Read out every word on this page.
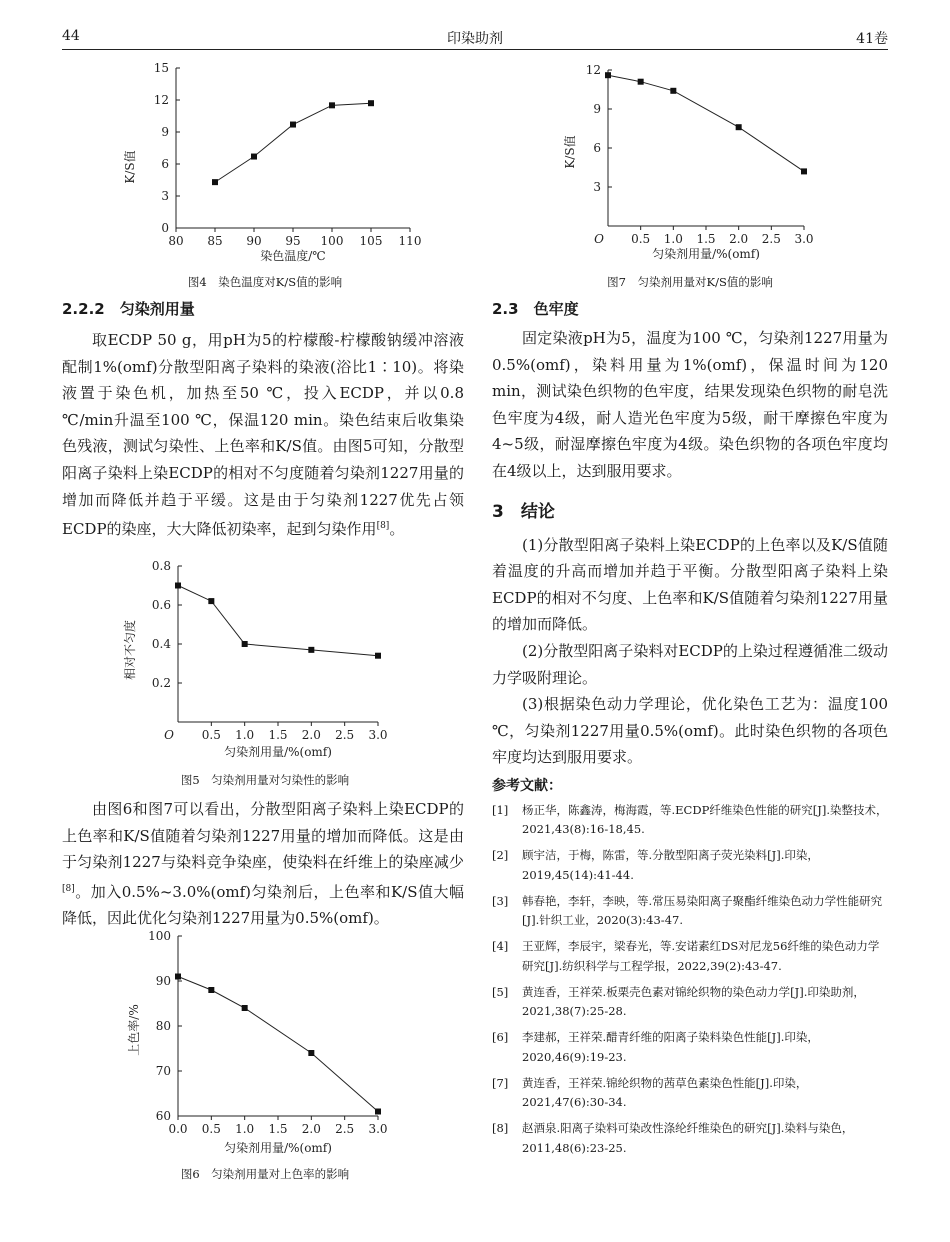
44	印染助剂	41卷
80 85 90 95 100 105 110
0
3
6
9
12
15
染色温度/℃
K/S值
图4　染色温度对K/S值的影响
0.5 1.0 1.5 2.0 2.5 3.0
0.2
0.4
0.6
0.8
O
匀染剂用量/%(omf)
相对不匀度
图5　匀染剂用量对匀染性的影响
0.0 0.5 1.0 1.5 2.0 2.5 3.0
60
70
80
90
100
匀染剂用量/%(omf)
上色率/%
图6　匀染剂用量对上色率的影响
0.5 1.0 1.5 2.0 2.5 3.0
3
6
9
12
O
匀染剂用量/%(omf)
K/S值
图7　匀染剂用量对K/S值的影响
2.2.2　匀染剂用量

取ECDP 50 g，用pH为5的柠檬酸-柠檬酸钠缓冲溶液配制1%(omf)分散型阳离子染料的染液(浴比1∶10)。将染液置于染色机，加热至50 ℃，投入ECDP，并以0.8 ℃/min升温至100 ℃，保温120 min。染色结束后收集染色残液，测试匀染性、上色率和K/S值。由图5可知，分散型阳离子染料上染ECDP的相对不匀度随着匀染剂1227用量的增加而降低并趋于平缓。这是由于匀染剂1227优先占领ECDP的染座，大大降低初染率，起到匀染作用[8]。

由图6和图7可以看出，分散型阳离子染料上染ECDP的上色率和K/S值随着匀染剂1227用量的增加而降低。这是由于匀染剂1227与染料竞争染座，使染料在纤维上的染座减少[8]。加入0.5%~3.0%(omf)匀染剂后，上色率和K/S值大幅降低，因此优化匀染剂1227用量为0.5%(omf)。

2.3　色牢度

固定染液pH为5，温度为100 ℃，匀染剂1227用量为0.5%(omf)，染料用量为1%(omf)，保温时间为120 min，测试染色织物的色牢度，结果发现染色织物的耐皂洗色牢度为4级，耐人造光色牢度为5级，耐干摩擦色牢度为4~5级，耐湿摩擦色牢度为4级。染色织物的各项色牢度均在4级以上，达到服用要求。

3　结论

(1)分散型阳离子染料上染ECDP的上色率以及K/S值随着温度的升高而增加并趋于平衡。分散型阳离子染料上染ECDP的相对不匀度、上色率和K/S值随着匀染剂1227用量的增加而降低。

(2)分散型阳离子染料对ECDP的上染过程遵循准二级动力学吸附理论。

(3)根据染色动力学理论，优化染色工艺为：温度100 ℃，匀染剂1227用量0.5%(omf)。此时染色织物的各项色牢度均达到服用要求。

参考文献：
[1] 杨正华，陈鑫涛，梅海霞，等.ECDP纤维染色性能的研究[J].染整技术，2021,43(8):16-18,45.
[2] 顾宇洁，于梅，陈雷，等.分散型阳离子荧光染料[J].印染，2019,45(14):41-44.
[3] 韩春艳，李轩，李映，等.常压易染阳离子聚酯纤维染色动力学性能研究[J].针织工业，2020(3):43-47.
[4] 王亚辉，李辰宇，梁春光，等.安诺素红DS对尼龙56纤维的染色动力学研究[J].纺织科学与工程学报，2022,39(2):43-47.
[5] 黄连香，王祥荣.板栗壳色素对锦纶织物的染色动力学[J].印染助剂，2021,38(7):25-28.
[6] 李建郝，王祥荣.醋青纤维的阳离子染料染色性能[J].印染，2020,46(9):19-23.
[7] 黄连香，王祥荣.锦纶织物的茜草色素染色性能[J].印染，2021,47(6):30-34.
[8] 赵酒泉.阳离子染料可染改性涤纶纤维染色的研究[J].染料与染色，2011,48(6):23-25.
